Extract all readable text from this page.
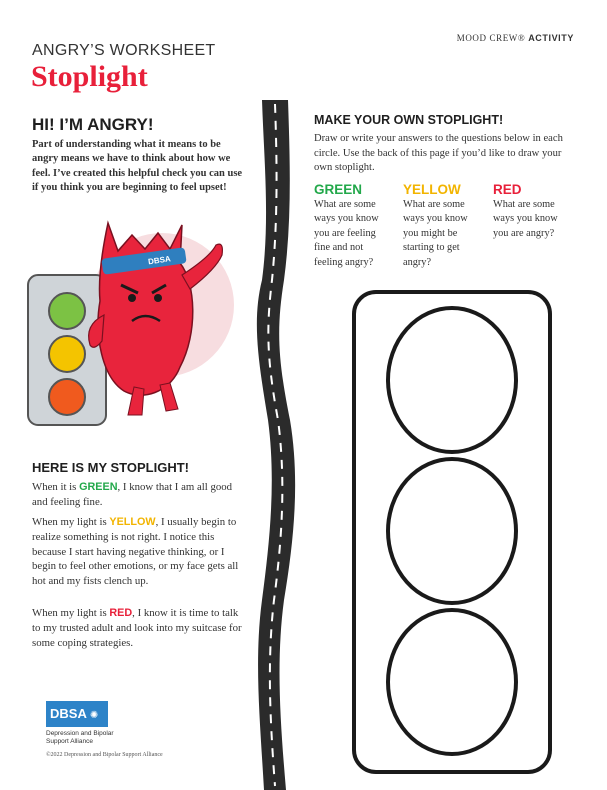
ANGRY’S WORKSHEET
Stoplight
MOOD CREW® ACTIVITY
HI! I’M ANGRY!
Part of understanding what it means to be angry means we have to think about how we feel. I’ve created this helpful check you can use if you think you are beginning to feel upset!
DBSA
HERE IS MY STOPLIGHT!
When it is GREEN, I know that I am all good and feeling fine.
When my light is YELLOW, I usually begin to realize something is not right. I notice this because I start having negative thinking, or I begin to feel other emotions, or my face gets all hot and my fists clench up.
When my light is RED, I know it is time to talk to my trusted adult and look into my suitcase for some coping strategies.
MAKE YOUR OWN STOPLIGHT!
Draw or write your answers to the questions below in each circle. Use the back of this page if you’d like to draw your own stoplight.
GREEN
What are some ways you know you are feeling fine and not feeling angry?
YELLOW
What are some ways you know you might be starting to get angry?
RED
What are some ways you know you are angry?
DBSA ✺
Depression and Bipolar
Support Alliance
©2022 Depression and Bipolar Support Alliance
